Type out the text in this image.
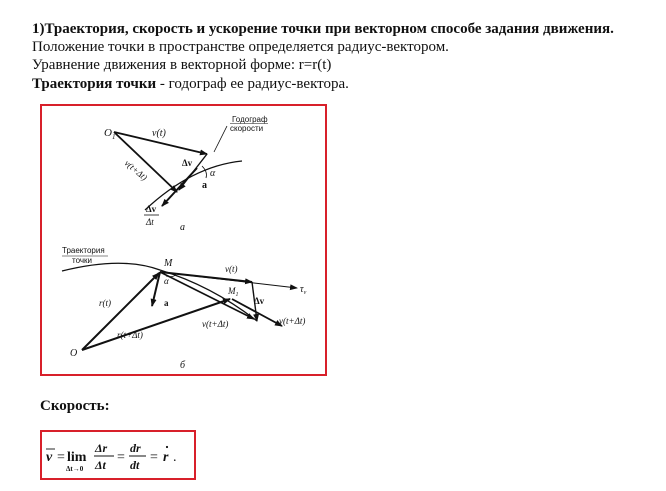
1)Траектория, скорость и ускорение точки при векторном способе задания движения.
Положение точки в пространстве определяется радиус-вектором.
Уравнение движения в векторной форме: r=r(t)
Траектория точки - годограф ее радиус-вектора.
Годограф
скорости
$O_1$	v(t)
v(t+Δt)	Δv
α
a
Δv
Δt	а
Траектория
точки	M
$\tau_v$
v(t)
$M_1$
Δv
v(t+Δt)
v(t+Δt)
a
α
r(t)
r(t+Δt)
O
б
Скорость:
v = lim
Δt→0
Δr
Δt =
dr
dt = r .
